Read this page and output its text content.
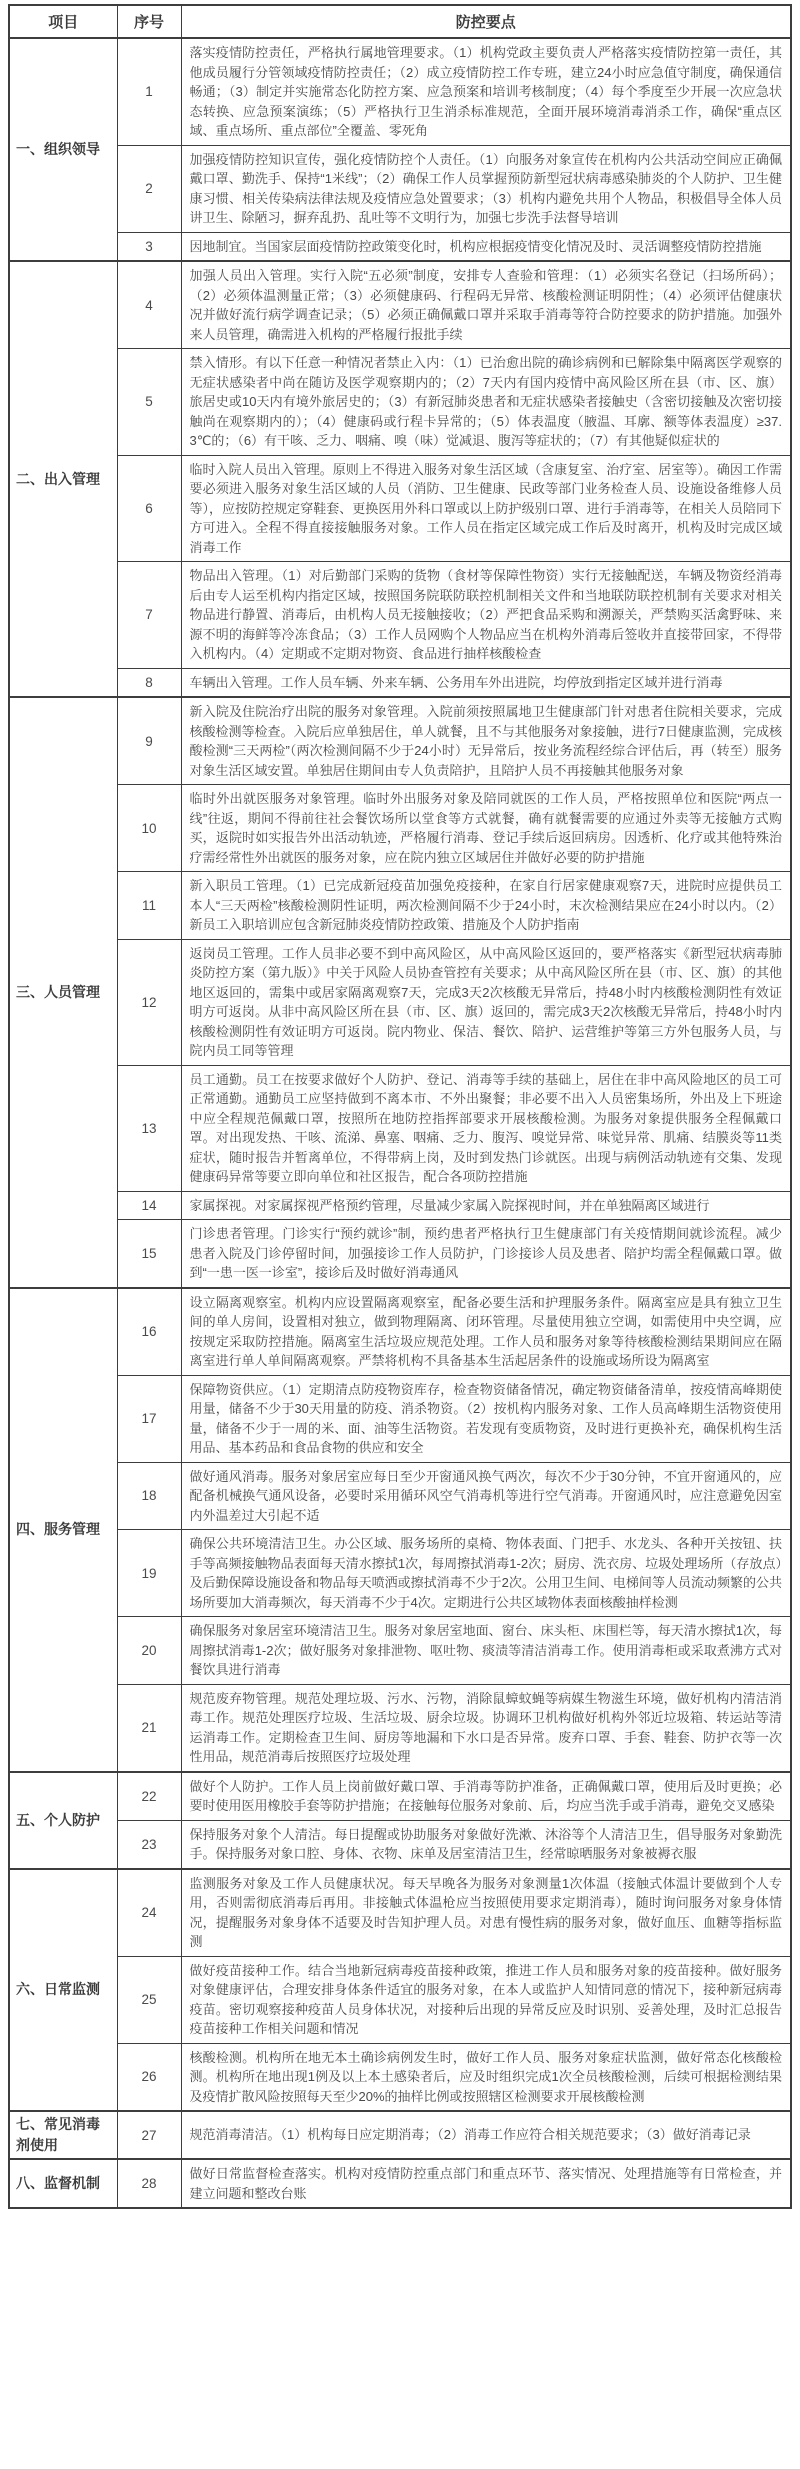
项目	序号	防控要点
一、组织领导	1	落实疫情防控责任，严格执行属地管理要求。（1）机构党政主要负责人严格落实疫情防控第一责任，其他成员履行分管领域疫情防控责任；（2）成立疫情防控工作专班，建立24小时应急值守制度，确保通信畅通；（3）制定并实施常态化防控方案、应急预案和培训考核制度；（4）每个季度至少开展一次应急状态转换、应急预案演练；（5）严格执行卫生消杀标准规范，全面开展环境消毒消杀工作，确保“重点区域、重点场所、重点部位”全覆盖、零死角
	2	加强疫情防控知识宣传，强化疫情防控个人责任。（1）向服务对象宣传在机构内公共活动空间应正确佩戴口罩、勤洗手、保持“1米线”；（2）确保工作人员掌握预防新型冠状病毒感染肺炎的个人防护、卫生健康习惯、相关传染病法律法规及疫情应急处置要求；（3）机构内避免共用个人物品，积极倡导全体人员讲卫生、除陋习，摒弃乱扔、乱吐等不文明行为，加强七步洗手法督导培训
	3	因地制宜。当国家层面疫情防控政策变化时，机构应根据疫情变化情况及时、灵活调整疫情防控措施
二、出入管理	4	加强人员出入管理。实行入院“五必须”制度，安排专人查验和管理：（1）必须实名登记（扫场所码）；（2）必须体温测量正常；（3）必须健康码、行程码无异常、核酸检测证明阴性；（4）必须评估健康状况并做好流行病学调查记录；（5）必须正确佩戴口罩并采取手消毒等符合防控要求的防护措施。加强外来人员管理，确需进入机构的严格履行报批手续
	5	禁入情形。有以下任意一种情况者禁止入内：（1）已治愈出院的确诊病例和已解除集中隔离医学观察的无症状感染者中尚在随访及医学观察期内的；（2）7天内有国内疫情中高风险区所在县（市、区、旗）旅居史或10天内有境外旅居史的；（3）有新冠肺炎患者和无症状感染者接触史（含密切接触及次密切接触尚在观察期内的）；（4）健康码或行程卡异常的；（5）体表温度（腋温、耳廓、额等体表温度）≥37.3℃的；（6）有干咳、乏力、咽痛、嗅（味）觉减退、腹泻等症状的；（7）有其他疑似症状的
	6	临时入院人员出入管理。原则上不得进入服务对象生活区域（含康复室、治疗室、居室等）。确因工作需要必须进入服务对象生活区域的人员（消防、卫生健康、民政等部门业务检查人员、设施设备维修人员等），应按防控规定穿鞋套、更换医用外科口罩或以上防护级别口罩、进行手消毒等，在相关人员陪同下方可进入。全程不得直接接触服务对象。工作人员在指定区域完成工作后及时离开，机构及时完成区域消毒工作
	7	物品出入管理。（1）对后勤部门采购的货物（食材等保障性物资）实行无接触配送，车辆及物资经消毒后由专人运至机构内指定区域，按照国务院联防联控机制相关文件和当地联防联控机制有关要求对相关物品进行静置、消毒后，由机构人员无接触接收；（2）严把食品采购和溯源关，严禁购买活禽野味、来源不明的海鲜等冷冻食品；（3）工作人员网购个人物品应当在机构外消毒后签收并直接带回家，不得带入机构内。（4）定期或不定期对物资、食品进行抽样核酸检查
	8	车辆出入管理。工作人员车辆、外来车辆、公务用车外出进院，均停放到指定区域并进行消毒
三、人员管理	9	新入院及住院治疗出院的服务对象管理。入院前须按照属地卫生健康部门针对患者住院相关要求，完成核酸检测等检查。入院后应单独居住，单人就餐，且不与其他服务对象接触，进行7日健康监测，完成核酸检测“三天两检”（两次检测间隔不少于24小时）无异常后，按业务流程经综合评估后，再（转至）服务对象生活区域安置。单独居住期间由专人负责陪护，且陪护人员不再接触其他服务对象
	10	临时外出就医服务对象管理。临时外出服务对象及陪同就医的工作人员，严格按照单位和医院“两点一线”往返，期间不得前往社会餐饮场所以堂食等方式就餐，确有就餐需要的应通过外卖等无接触方式购买，返院时如实报告外出活动轨迹，严格履行消毒、登记手续后返回病房。因透析、化疗或其他特殊治疗需经常性外出就医的服务对象，应在院内独立区域居住并做好必要的防护措施
	11	新入职员工管理。（1）已完成新冠疫苗加强免疫接种，在家自行居家健康观察7天，进院时应提供员工本人“三天两检”核酸检测阴性证明，两次检测间隔不少于24小时，末次检测结果应在24小时以内。（2）新员工入职培训应包含新冠肺炎疫情防控政策、措施及个人防护指南
	12	返岗员工管理。工作人员非必要不到中高风险区，从中高风险区返回的，要严格落实《新型冠状病毒肺炎防控方案（第九版）》中关于风险人员协查管控有关要求；从中高风险区所在县（市、区、旗）的其他地区返回的，需集中或居家隔离观察7天，完成3天2次核酸无异常后，持48小时内核酸检测阴性有效证明方可返岗。从非中高风险区所在县（市、区、旗）返回的，需完成3天2次核酸无异常后，持48小时内核酸检测阴性有效证明方可返岗。院内物业、保洁、餐饮、陪护、运营维护等第三方外包服务人员，与院内员工同等管理
	13	员工通勤。员工在按要求做好个人防护、登记、消毒等手续的基础上，居住在非中高风险地区的员工可正常通勤。通勤员工应坚持做到不离本市、不外出聚餐；非必要不出入人员密集场所，外出及上下班途中应全程规范佩戴口罩，按照所在地防控指挥部要求开展核酸检测。为服务对象提供服务全程佩戴口罩。对出现发热、干咳、流涕、鼻塞、咽痛、乏力、腹泻、嗅觉异常、味觉异常、肌痛、结膜炎等11类症状，随时报告并暂离单位，不得带病上岗，及时到发热门诊就医。出现与病例活动轨迹有交集、发现健康码异常等要立即向单位和社区报告，配合各项防控措施
	14	家属探视。对家属探视严格预约管理，尽量减少家属入院探视时间，并在单独隔离区域进行
	15	门诊患者管理。门诊实行“预约就诊”制，预约患者严格执行卫生健康部门有关疫情期间就诊流程。减少患者入院及门诊停留时间，加强接诊工作人员防护，门诊接诊人员及患者、陪护均需全程佩戴口罩。做到“一患一医一诊室”，接诊后及时做好消毒通风
四、服务管理	16	设立隔离观察室。机构内应设置隔离观察室，配备必要生活和护理服务条件。隔离室应是具有独立卫生间的单人房间，设置相对独立，做到物理隔离、闭环管理。尽量使用独立空调，如需使用中央空调，应按规定采取防控措施。隔离室生活垃圾应规范处理。工作人员和服务对象等待核酸检测结果期间应在隔离室进行单人单间隔离观察。严禁将机构不具备基本生活起居条件的设施或场所设为隔离室
	17	保障物资供应。（1）定期清点防疫物资库存，检查物资储备情况，确定物资储备清单，按疫情高峰期使用量，储备不少于30天用量的防疫、消杀物资。（2）按机构内服务对象、工作人员高峰期生活物资使用量，储备不少于一周的米、面、油等生活物资。若发现有变质物资，及时进行更换补充，确保机构生活用品、基本药品和食品食物的供应和安全
	18	做好通风消毒。服务对象居室应每日至少开窗通风换气两次，每次不少于30分钟，不宜开窗通风的，应配备机械换气通风设备，必要时采用循环风空气消毒机等进行空气消毒。开窗通风时，应注意避免因室内外温差过大引起不适
	19	确保公共环境清洁卫生。办公区域、服务场所的桌椅、物体表面、门把手、水龙头、各种开关按钮、扶手等高频接触物品表面每天清水擦拭1次，每周擦拭消毒1-2次；厨房、洗衣房、垃圾处理场所（存放点）及后勤保障设施设备和物品每天喷洒或擦拭消毒不少于2次。公用卫生间、电梯间等人员流动频繁的公共场所要加大消毒频次，每天消毒不少于4次。定期进行公共区域物体表面核酸抽样检测
	20	确保服务对象居室环境清洁卫生。服务对象居室地面、窗台、床头柜、床围栏等，每天清水擦拭1次，每周擦拭消毒1-2次；做好服务对象排泄物、呕吐物、痰渍等清洁消毒工作。使用消毒柜或采取煮沸方式对餐饮具进行消毒
	21	规范废弃物管理。规范处理垃圾、污水、污物，消除鼠蟑蚊蝇等病媒生物滋生环境，做好机构内清洁消毒工作。规范处理医疗垃圾、生活垃圾、厨余垃圾。协调环卫机构做好机构外邻近垃圾箱、转运站等清运消毒工作。定期检查卫生间、厨房等地漏和下水口是否异常。废弃口罩、手套、鞋套、防护衣等一次性用品，规范消毒后按照医疗垃圾处理
五、个人防护	22	做好个人防护。工作人员上岗前做好戴口罩、手消毒等防护准备，正确佩戴口罩，使用后及时更换；必要时使用医用橡胶手套等防护措施；在接触每位服务对象前、后，均应当洗手或手消毒，避免交叉感染
	23	保持服务对象个人清洁。每日提醒或协助服务对象做好洗漱、沐浴等个人清洁卫生，倡导服务对象勤洗手。保持服务对象口腔、身体、衣物、床单及居室清洁卫生，经常晾晒服务对象被褥衣服
六、日常监测	24	监测服务对象及工作人员健康状况。每天早晚各为服务对象测量1次体温（接触式体温计要做到个人专用，否则需彻底消毒后再用。非接触式体温枪应当按照使用要求定期消毒），随时询问服务对象身体情况，提醒服务对象身体不适要及时告知护理人员。对患有慢性病的服务对象，做好血压、血糖等指标监测
	25	做好疫苗接种工作。结合当地新冠病毒疫苗接种政策，推进工作人员和服务对象的疫苗接种。做好服务对象健康评估，合理安排身体条件适宜的服务对象，在本人或监护人知情同意的情况下，接种新冠病毒疫苗。密切观察接种疫苗人员身体状况，对接种后出现的异常反应及时识别、妥善处理，及时汇总报告疫苗接种工作相关问题和情况
	26	核酸检测。机构所在地无本土确诊病例发生时，做好工作人员、服务对象症状监测，做好常态化核酸检测。机构所在地出现1例及以上本土感染者后，应及时组织完成1次全员核酸检测，后续可根据检测结果及疫情扩散风险按照每天至少20%的抽样比例或按照辖区检测要求开展核酸检测
七、常见消毒剂使用	27	规范消毒清洁。（1）机构每日应定期消毒；（2）消毒工作应符合相关规范要求；（3）做好消毒记录
八、监督机制	28	做好日常监督检查落实。机构对疫情防控重点部门和重点环节、落实情况、处理措施等有日常检查，并建立问题和整改台账
